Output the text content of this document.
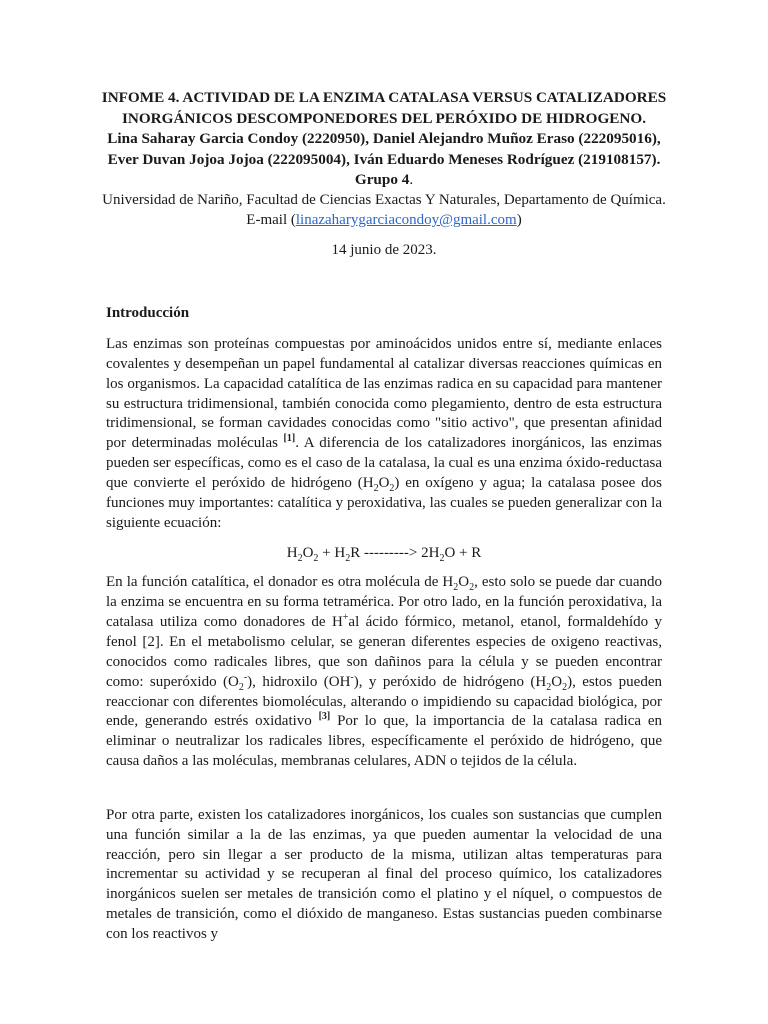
INFOME 4. ACTIVIDAD DE LA ENZIMA CATALASA VERSUS CATALIZADORES INORGÁNICOS DESCOMPONEDORES DEL PERÓXIDO DE HIDROGENO.

Lina Saharay Garcia Condoy (2220950), Daniel Alejandro Muñoz Eraso (222095016), Ever Duvan Jojoa Jojoa (222095004), Iván Eduardo Meneses Rodríguez (219108157).
Grupo 4.

Universidad de Nariño, Facultad de Ciencias Exactas Y Naturales, Departamento de Química.

E-mail (linazaharygarciacondoy@gmail.com)

14 junio de 2023.

Introducción

Las enzimas son proteínas compuestas por aminoácidos unidos entre sí, mediante enlaces covalentes y desempeñan un papel fundamental al catalizar diversas reacciones químicas en los organismos. La capacidad catalítica de las enzimas radica en su capacidad para mantener su estructura tridimensional, también conocida como plegamiento, dentro de esta estructura tridimensional, se forman cavidades conocidas como "sitio activo", que presentan afinidad por determinadas moléculas [1]. A diferencia de los catalizadores inorgánicos, las enzimas pueden ser específicas, como es el caso de la catalasa, la cual es una enzima óxido-reductasa que convierte el peróxido de hidrógeno $(H_2O_2)$ en oxígeno y agua; la catalasa posee dos funciones muy importantes: catalítica y peroxidativa, las cuales se pueden generalizar con la siguiente ecuación:

$H_2O_2 + H_2R$ ---------> $2H_2O + R$

En la función catalítica, el donador es otra molécula de $H_2O_2$, esto solo se puede dar cuando la enzima se encuentra en su forma tetramérica. Por otro lado, en la función peroxidativa, la catalasa utiliza como donadores de H+al ácido fórmico, metanol, etanol, formaldehído y fenol [2]. En el metabolismo celular, se generan diferentes especies de oxigeno reactivas, conocidos como radicales libres, que son dañinos para la célula y se pueden encontrar como: superóxido $(O_2^-)$, hidroxilo (OH-), y peróxido de hidrógeno $(H_2O_2)$, estos pueden reaccionar con diferentes biomoléculas, alterando o impidiendo su capacidad biológica, por ende, generando estrés oxidativo [3] Por lo que, la importancia de la catalasa radica en eliminar o neutralizar los radicales libres, específicamente el peróxido de hidrógeno, que causa daños a las moléculas, membranas celulares, ADN o tejidos de la célula.

Por otra parte, existen los catalizadores inorgánicos, los cuales son sustancias que cumplen una función similar a la de las enzimas, ya que pueden aumentar la velocidad de una reacción, pero sin llegar a ser producto de la misma, utilizan altas temperaturas para incrementar su actividad y se recuperan al final del proceso químico, los catalizadores inorgánicos suelen ser metales de transición como el platino y el níquel, o compuestos de metales de transición, como el dióxido de manganeso. Estas sustancias pueden combinarse con los reactivos y
